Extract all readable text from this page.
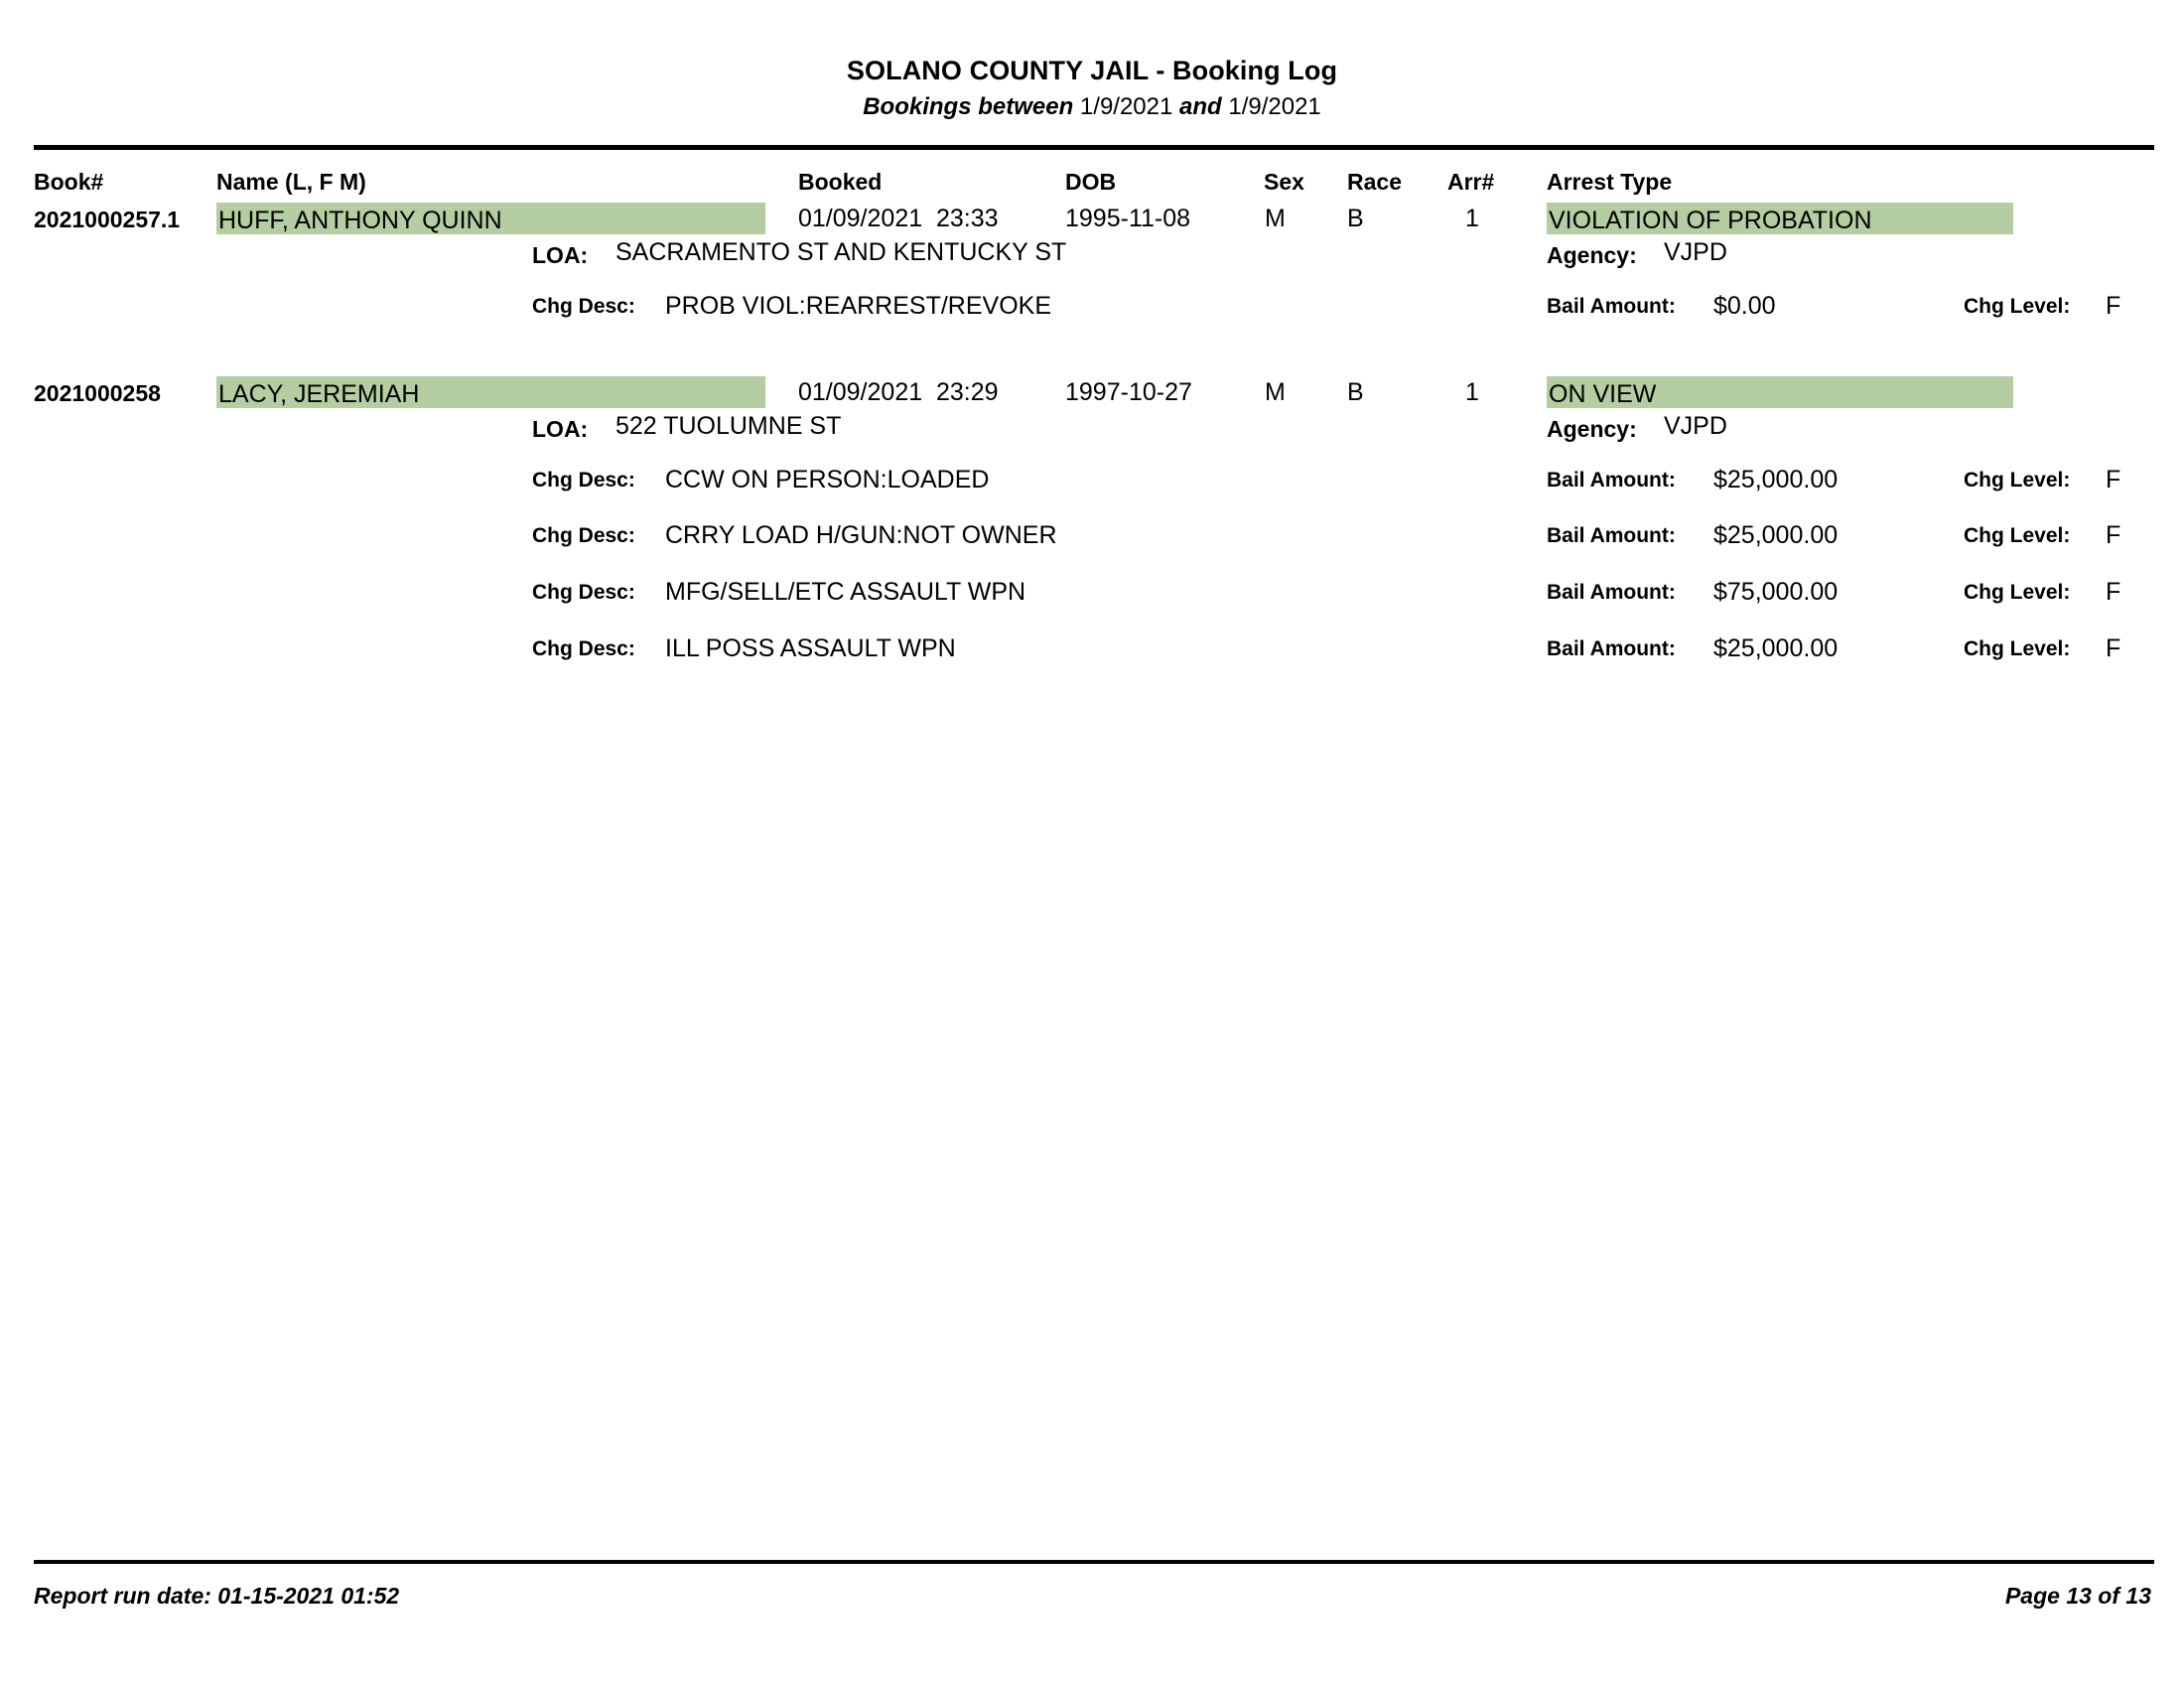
SOLANO COUNTY JAIL - Booking Log
Bookings between 1/9/2021 and 1/9/2021
Book#	Name (L, F M)	Booked	DOB	Sex Race Arr# Arrest Type
2021000257.1 HUFF, ANTHONY QUINN	01/09/2021 23:33	1995-11-08	M B	1	VIOLATION OF PROBATION
LOA: SACRAMENTO ST AND KENTUCKY ST	Agency: VJPD
Chg Desc: PROB VIOL:REARREST/REVOKE	Bail Amount: $0.00	Chg Level: F
2021000258 LACY, JEREMIAH	01/09/2021 23:29	1997-10-27	M B	1	ON VIEW
LOA: 522 TUOLUMNE ST	Agency: VJPD
Chg Desc: CCW ON PERSON:LOADED	Bail Amount: $25,000.00	Chg Level: F
Chg Desc: CRRY LOAD H/GUN:NOT OWNER	Bail Amount: $25,000.00	Chg Level: F
Chg Desc: MFG/SELL/ETC ASSAULT WPN	Bail Amount: $75,000.00	Chg Level: F
Chg Desc: ILL POSS ASSAULT WPN	Bail Amount: $25,000.00	Chg Level: F
Report run date: 01-15-2021 01:52	Page 13 of 13
